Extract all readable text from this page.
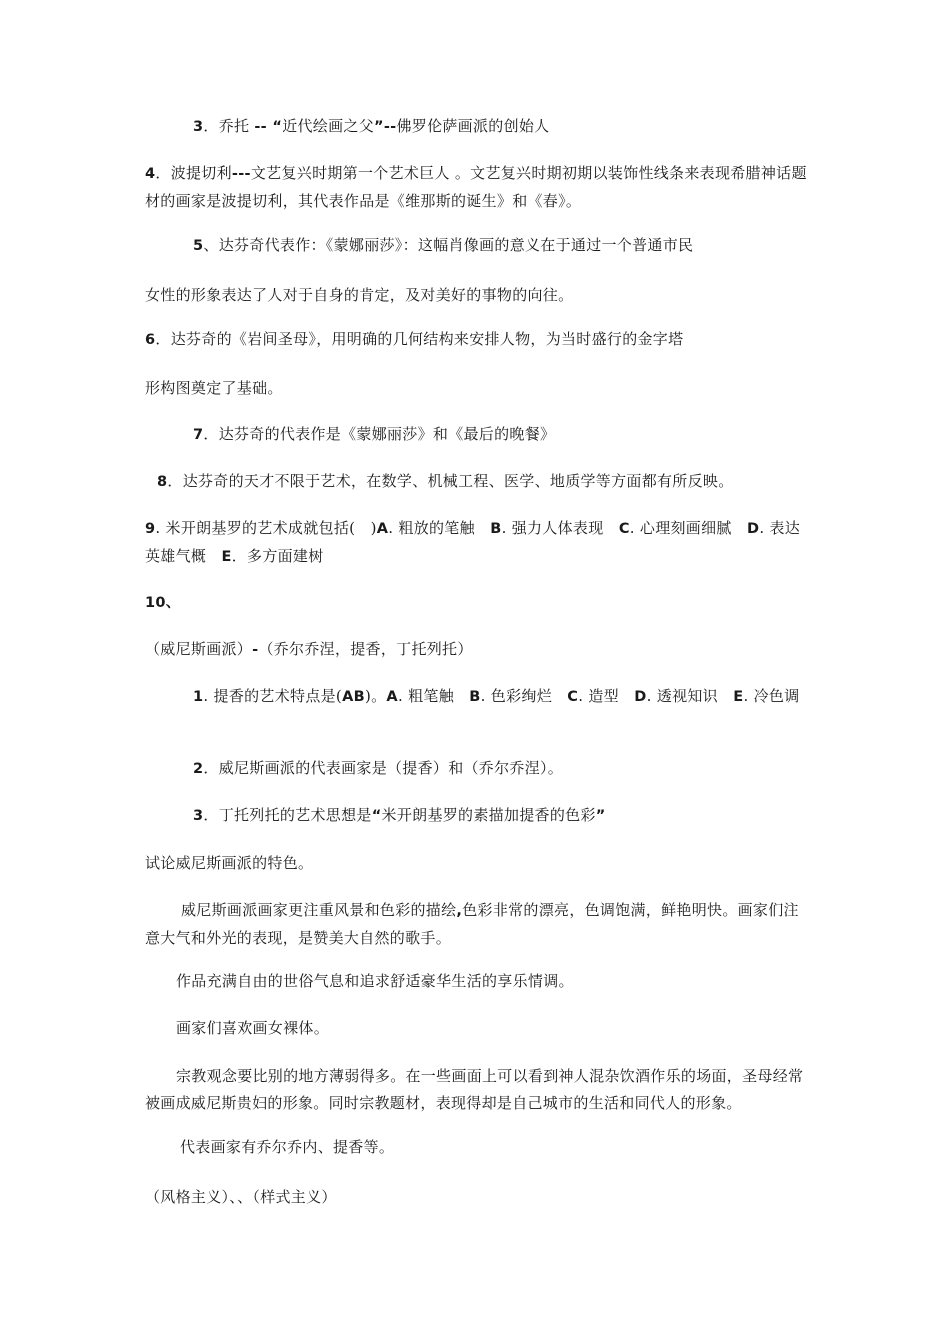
3．乔托 -- “近代绘画之父”--佛罗伦萨画派的创始人
4．波提切利---文艺复兴时期第一个艺术巨人 。文艺复兴时期初期以装饰性线条来表现希腊神话题材的画家是波提切利，其代表作品是《维那斯的诞生》和《春》。
5、达芬奇代表作：《蒙娜丽莎》：这幅肖像画的意义在于通过一个普通市民
女性的形象表达了人对于自身的肯定，及对美好的事物的向往。
6．达芬奇的《岩间圣母》，用明确的几何结构来安排人物，为当时盛行的金字塔
形构图奠定了基础。
7．达芬奇的代表作是《蒙娜丽莎》和《最后的晚餐》
8．达芬奇的天才不限于艺术，在数学、机械工程、医学、地质学等方面都有所反映。
9. 米开朗基罗的艺术成就包括(　)A. 粗放的笔触　B. 强力人体表现　C. 心理刻画细腻　D. 表达英雄气概　E．多方面建树
10、
（威尼斯画派）-（乔尔乔涅，提香，丁托列托）
1. 提香的艺术特点是(AB)。A. 粗笔触　B. 色彩绚烂　C. 造型　D. 透视知识　E. 冷色调
2．威尼斯画派的代表画家是（提香）和（乔尔乔涅）。
3．丁托列托的艺术思想是“米开朗基罗的素描加提香的色彩”
试论威尼斯画派的特色。
威尼斯画派画家更注重风景和色彩的描绘,色彩非常的漂亮，色调饱满，鲜艳明快。画家们注意大气和外光的表现，是赞美大自然的歌手。
作品充满自由的世俗气息和追求舒适豪华生活的享乐情调。
画家们喜欢画女裸体。
宗教观念要比别的地方薄弱得多。在一些画面上可以看到神人混杂饮酒作乐的场面，圣母经常被画成威尼斯贵妇的形象。同时宗教题材，表现得却是自己城市的生活和同代人的形象。
代表画家有乔尔乔内、提香等。
（风格主义）、、（样式主义）
